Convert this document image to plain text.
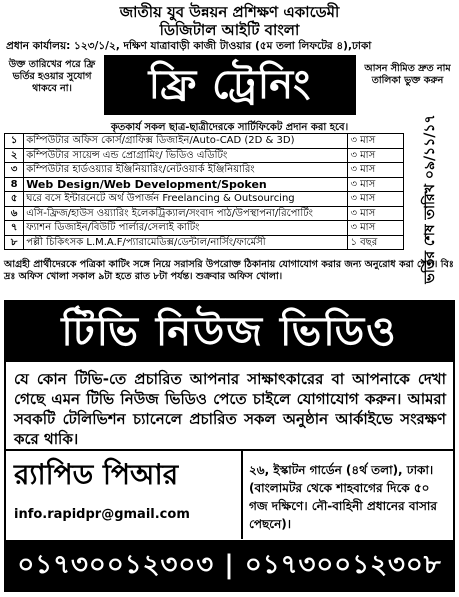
জাতীয় যুব উন্নয়ন প্রশিক্ষণ একাডেমী
ডিজিটাল আইটি বাংলা
প্রধান কার্যালয়: ১২৩/১/২, দক্ষিণ যাত্রাবাড়ী কাজী টাওয়ার (৫ম তলা লিফটের ৪),ঢাকা
উক্ত তারিখের পরে ফ্রি ভর্তির হওয়ার সুযোগ থাকবে না।	ফ্রি ট্রেনিং	আসন সীমিত দ্রুত নাম তালিকা ভুক্ত করুন
কৃতকার্য সকল ছাত্র-ছাত্রীদেরকে সার্টিফিকেট প্রদান করা হবে।
১	কম্পিউটার অফিস কোর্স/গ্রাফিক্স ডিজাইন/Auto-CAD (2D & 3D)	৩ মাস
২	কম্পিউটার সায়েন্স এন্ড প্রোগ্রামিং/ ভিডিও এডিটিং	৩ মাস
৩	কম্পিউটার হার্ডওয়্যার ইঞ্জিনিয়ারিং/নেটওয়ার্ক ইঞ্জিনিয়ারিং	৩ মাস
8	Web Design/Web Development/Spoken	৩ মাস
৫	ঘরে বসে ইন্টারনেটে অর্থ উপার্জন Freelancing & Outsourcing	৩ মাস
৬	এসি-ফ্রিজ/হাউস ওয়্যারিং ইলেকট্রিক্যাল/সংবাদ পাঠ/উপস্থাপনা/রিপোর্টিং	৩ মাস
৭	ফ্যাশন ডিজাইন/বিউটি পার্লার/সেলাই কাটিং	৩ মাস
৮	পল্লী চিকিৎসক L.M.A.F/প্যারামেডিক্স/ডেন্টাল/নার্সিং/ফার্মেসী	১ বছর	ভর্তির শেষ তারিখ ০৯/১১/১৭
আগ্রহী প্রার্থীদেরকে পত্রিকা কাটিং সঙ্গে নিয়ে সরাসরি উপরোক্ত ঠিকানায় যোগাযোগ করার জন্য অনুরোধ করা গেল। বিঃ দ্রঃ অফিস খোলা সকাল ৯টা হতে রাত ৮টা পর্যন্ত। শুক্রবার অফিস খোলা।
টিভি নিউজ ভিডিও
যে কোন টিভি-তে প্রচারিত আপনার সাক্ষাৎকারের বা আপনাকে দেখা গেছে এমন টিভি নিউজ ভিডিও পেতে চাইলে যোগাযোগ করুন। আমরা সবকটি টেলিভিশন চ্যানেলে প্রচারিত সকল অনুষ্ঠান আর্কাইভে সংরক্ষণ করে থাকি।
র‍্যাপিড পিআর
info.rapidpr@gmail.com
২৬, ইস্কাটন গার্ডেন (৪র্থ তলা), ঢাকা। (বাংলামটর থেকে শাহবাগের দিকে ৫০ গজ দক্ষিণে। নৌ-বাহিনী প্রধানের বাসার পেছনে)।
০১৭৩০০১২৩০৩ | ০১৭৩০০১২৩০৮
